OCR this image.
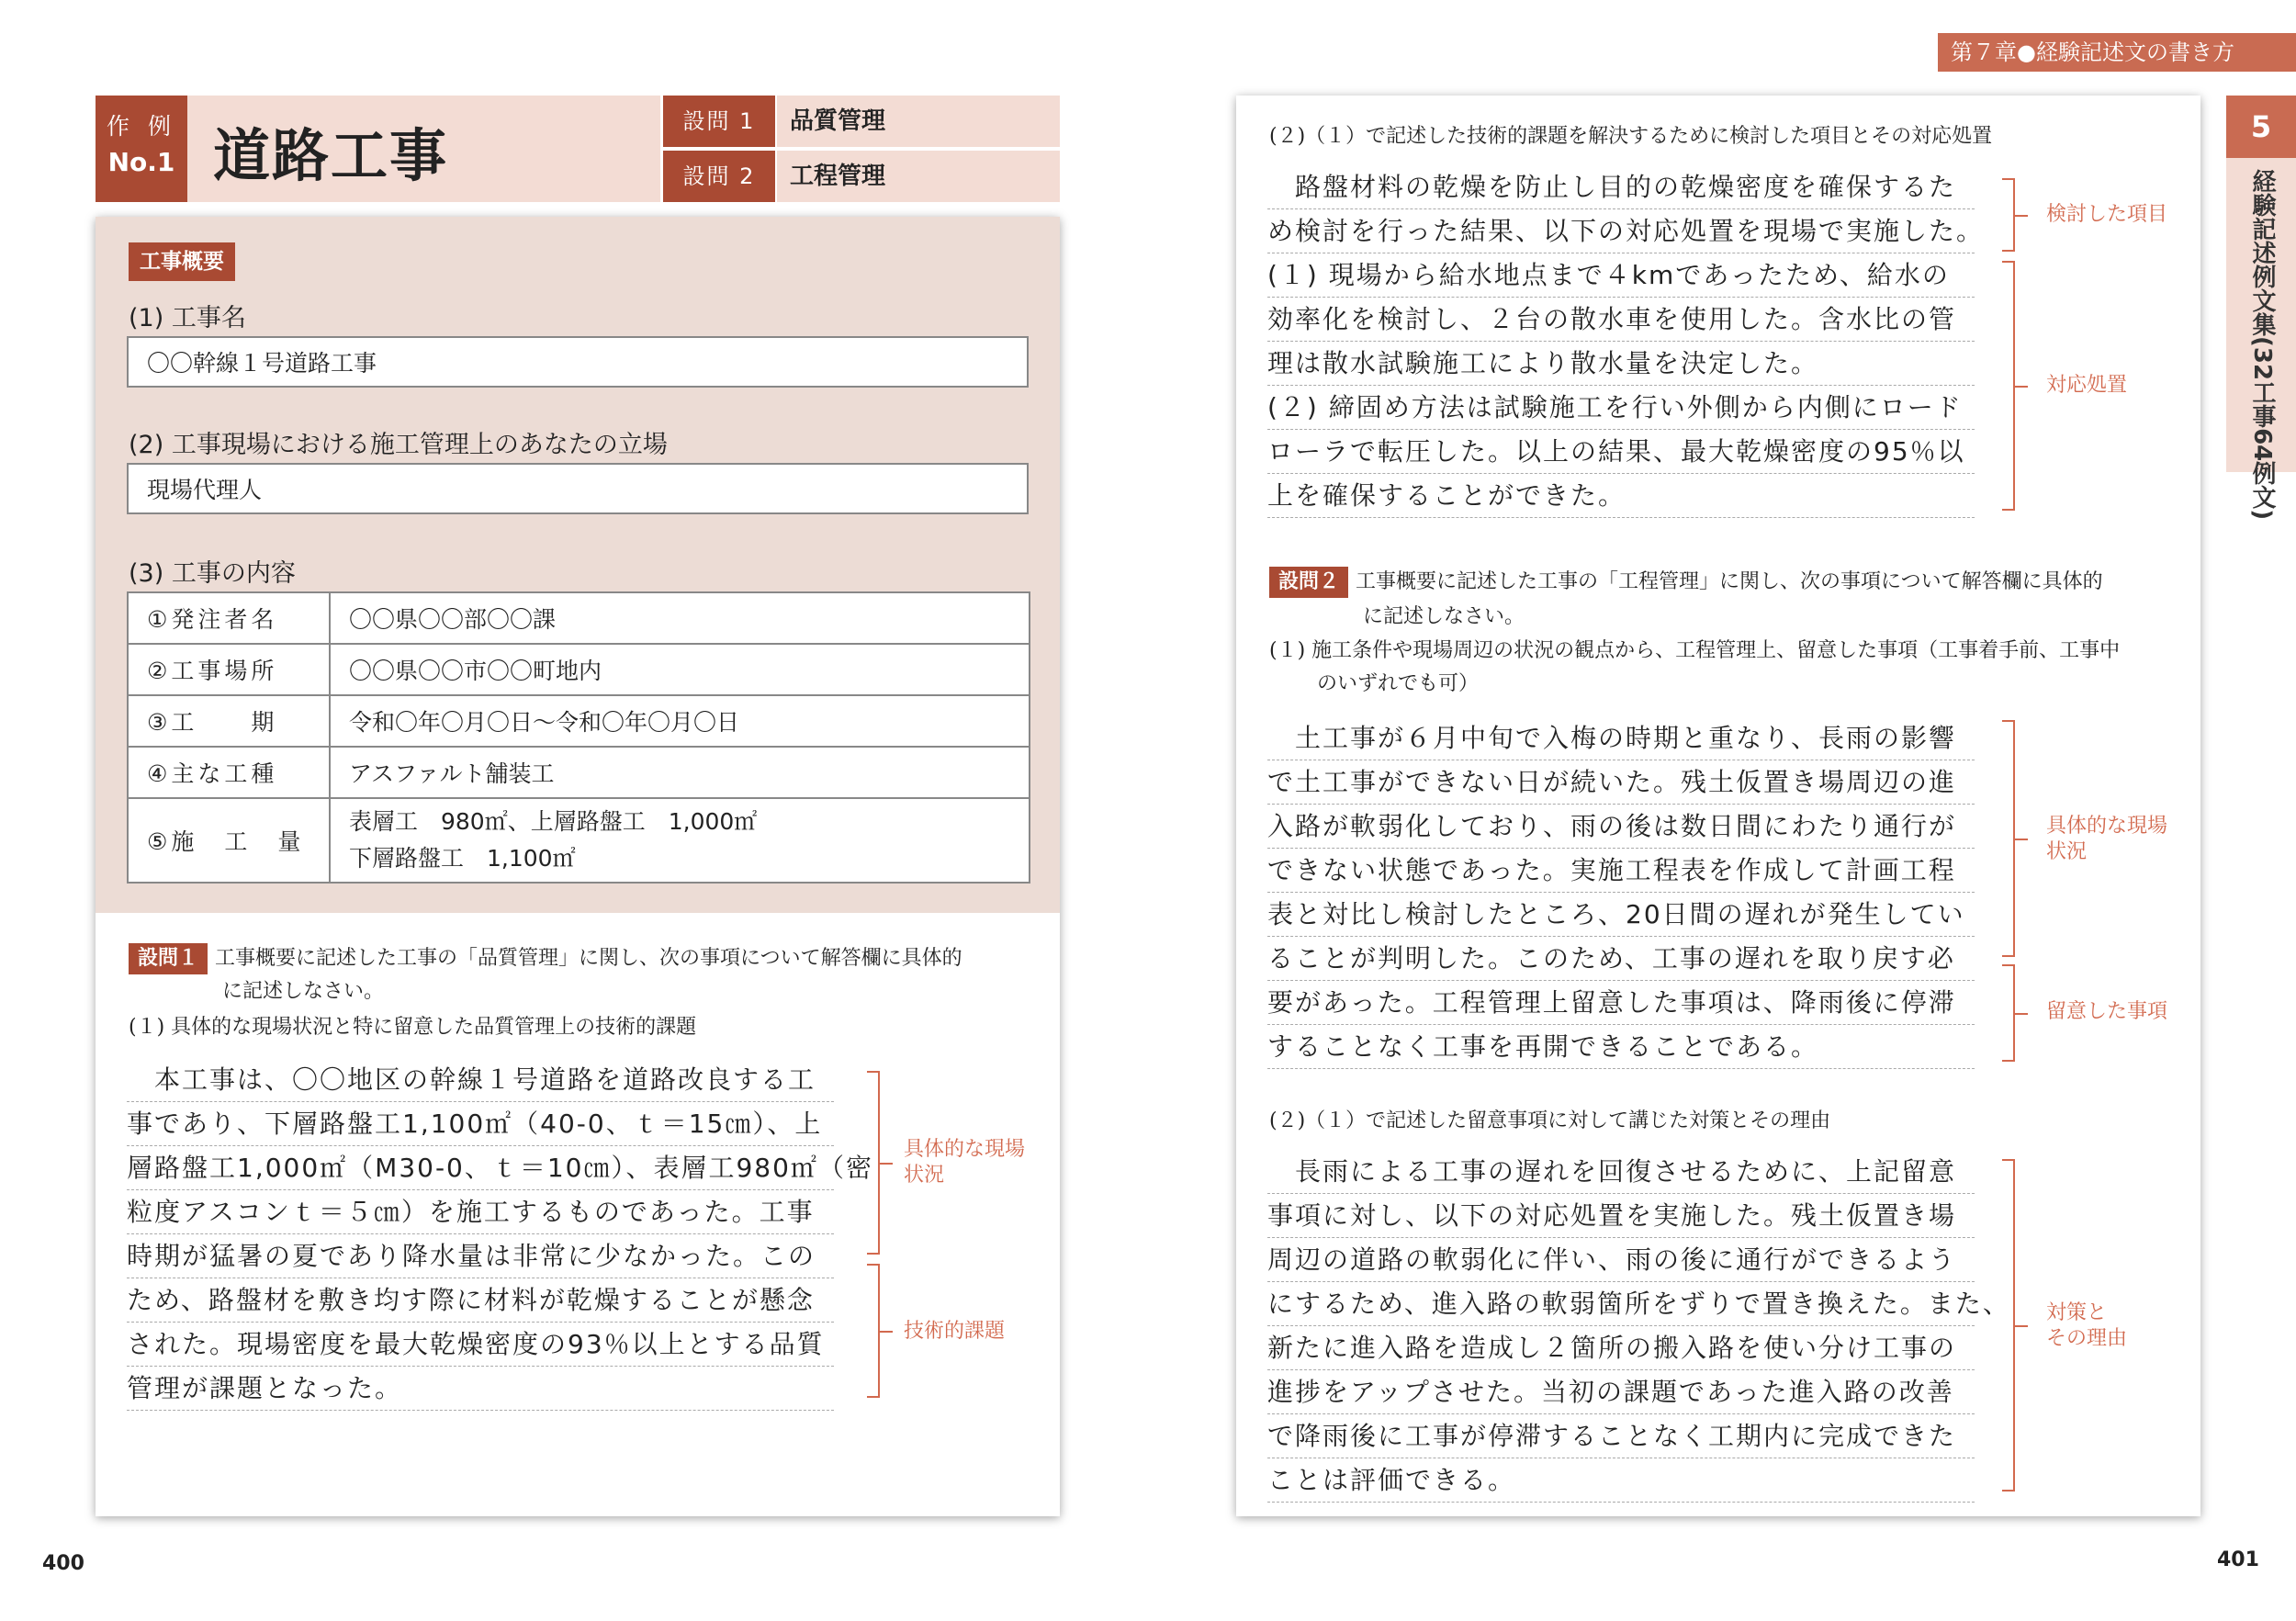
作 例
No.1 道路工事
設問 1	品質管理
設問 2	工程管理
工事概要
(1) 工事名
〇〇幹線１号道路工事
(2) 工事現場における施工管理上のあなたの立場
現場代理人
(3) 工事の内容
①発注者名	〇〇県〇〇部〇〇課
②工事場所	〇〇県〇〇市〇〇町地内
③工　　期	令和〇年〇月〇日～令和〇年〇月〇日
④主な工種	アスファルト舗装工
⑤施　工　量	表層工　980㎡、上層路盤工　1,000㎡
下層路盤工　1,100㎡
設問１ 工事概要に記述した工事の「品質管理」に関し、次の事項について解答欄に具体的
に記述しなさい。
(１) 具体的な現場状況と特に留意した品質管理上の技術的課題
　本工事は、〇〇地区の幹線１号道路を道路改良する工
事であり、下層路盤工1,100㎡（40-0、ｔ＝15㎝）、上
層路盤工1,000㎡（M30-0、ｔ＝10㎝）、表層工980㎡（密
粒度アスコンｔ＝５㎝）を施工するものであった。工事
時期が猛暑の夏であり降水量は非常に少なかった。この
ため、路盤材を敷き均す際に材料が乾燥することが懸念
された。現場密度を最大乾燥密度の93％以上とする品質
管理が課題となった。
具体的な現場
状況
技術的課題
400
第７章●経験記述文の書き方
5
経験記述例文集(32工事64例文)
(２)（１）で記述した技術的課題を解決するために検討した項目とその対応処置
　路盤材料の乾燥を防止し目的の乾燥密度を確保するた
め検討を行った結果、以下の対応処置を現場で実施した。
(１) 現場から給水地点まで４kmであったため、給水の
効率化を検討し、２台の散水車を使用した。含水比の管
理は散水試験施工により散水量を決定した。
(２) 締固め方法は試験施工を行い外側から内側にロード
ローラで転圧した。以上の結果、最大乾燥密度の95％以
上を確保することができた。
検討した項目
対応処置
設問２ 工事概要に記述した工事の「工程管理」に関し、次の事項について解答欄に具体的
に記述しなさい。
(１) 施工条件や現場周辺の状況の観点から、工程管理上、留意した事項（工事着手前、工事中
のいずれでも可）
　土工事が６月中旬で入梅の時期と重なり、長雨の影響
で土工事ができない日が続いた。残土仮置き場周辺の進
入路が軟弱化しており、雨の後は数日間にわたり通行が
できない状態であった。実施工程表を作成して計画工程
表と対比し検討したところ、20日間の遅れが発生してい
ることが判明した。このため、工事の遅れを取り戻す必
要があった。工程管理上留意した事項は、降雨後に停滞
することなく工事を再開できることである。
具体的な現場
状況
留意した事項
(２)（１）で記述した留意事項に対して講じた対策とその理由
　長雨による工事の遅れを回復させるために、上記留意
事項に対し、以下の対応処置を実施した。残土仮置き場
周辺の道路の軟弱化に伴い、雨の後に通行ができるよう
にするため、進入路の軟弱箇所をずりで置き換えた。また、
新たに進入路を造成し２箇所の搬入路を使い分け工事の
進捗をアップさせた。当初の課題であった進入路の改善
で降雨後に工事が停滞することなく工期内に完成できた
ことは評価できる。
対策と
その理由
401
